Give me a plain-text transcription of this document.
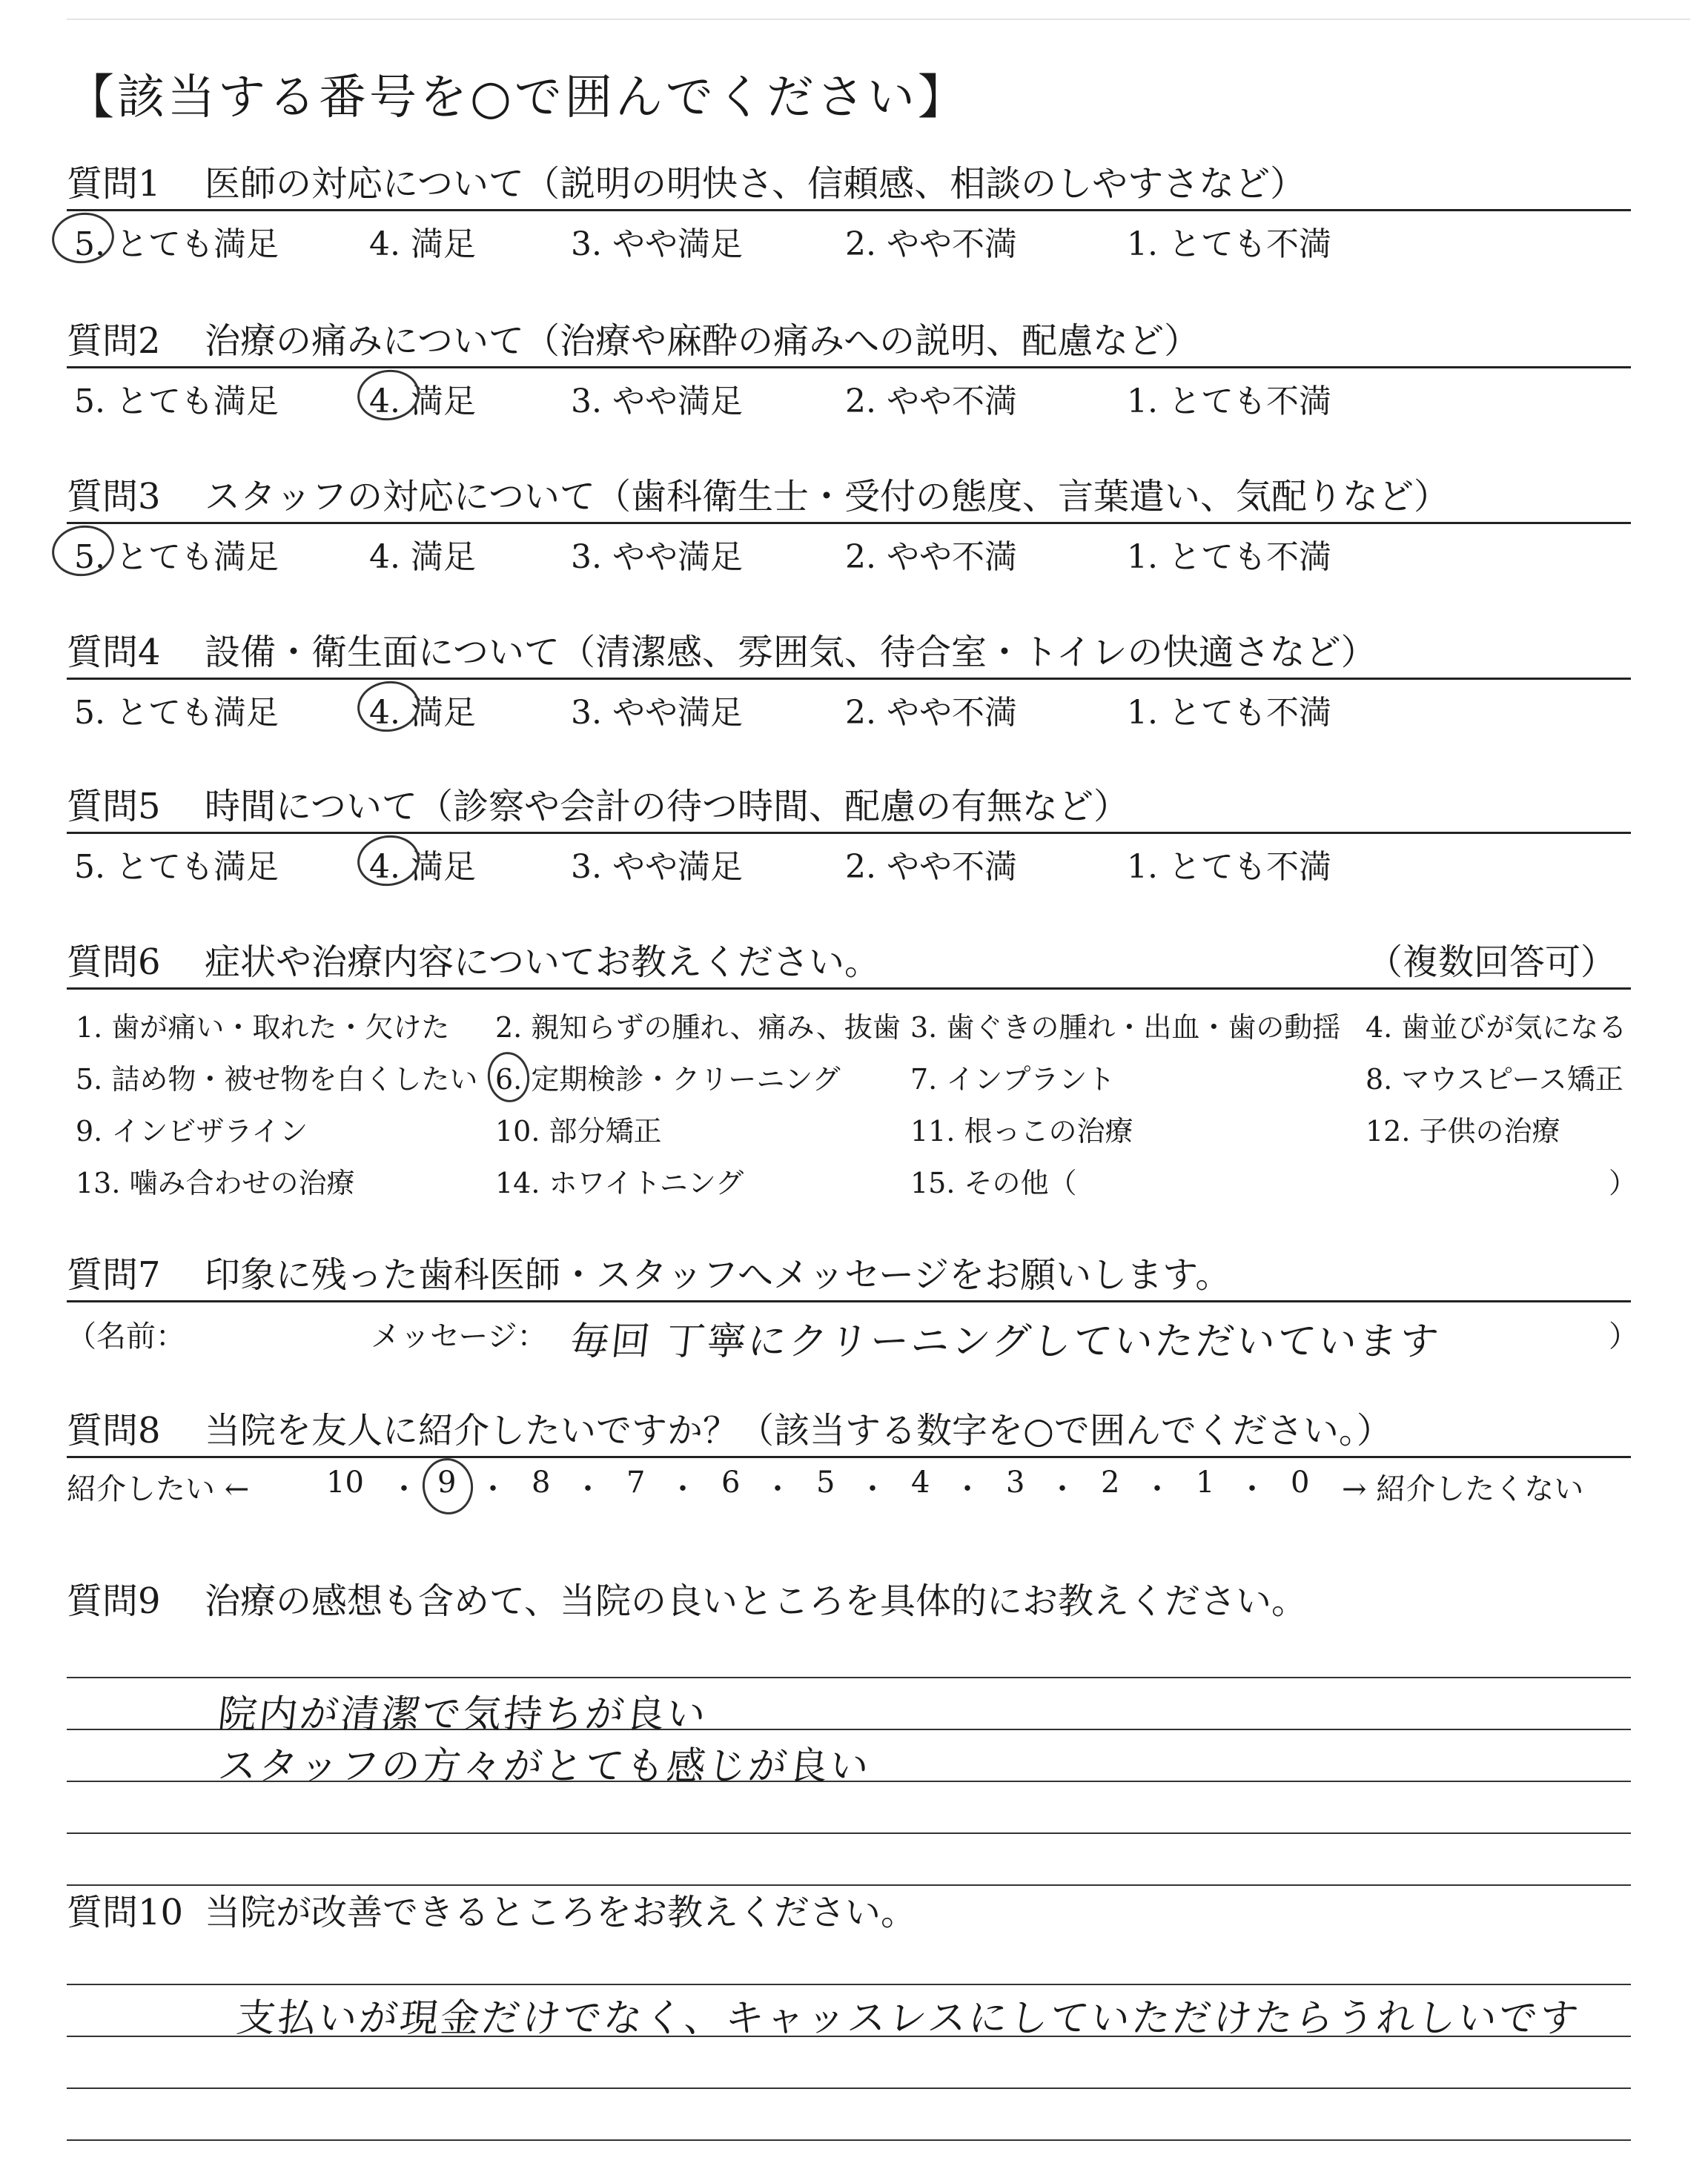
【該当する番号を○で囲んでください】
質問1	医師の対応について（説明の明快さ、信頼感、相談のしやすさなど）
5. とても満足	4. 満足	3. やや満足	2. やや不満	1. とても不満
質問2	治療の痛みについて（治療や麻酔の痛みへの説明、配慮など）
5. とても満足	4. 満足	3. やや満足	2. やや不満	1. とても不満
質問3	スタッフの対応について（歯科衛生士・受付の態度、言葉遣い、気配りなど）
5. とても満足	4. 満足	3. やや満足	2. やや不満	1. とても不満
質問4	設備・衛生面について（清潔感、雰囲気、待合室・トイレの快適さなど）
5. とても満足	4. 満足	3. やや満足	2. やや不満	1. とても不満
質問5	時間について（診察や会計の待つ時間、配慮の有無など）
5. とても満足	4. 満足	3. やや満足	2. やや不満	1. とても不満
質問6	症状や治療内容についてお教えください。	（複数回答可）
1. 歯が痛い・取れた・欠けた 2. 親知らずの腫れ、痛み、抜歯 3. 歯ぐきの腫れ・出血・歯の動揺 4. 歯並びが気になる
5. 詰め物・被せ物を白くしたい 6. 定期検診・クリーニング 7. インプラント	8. マウスピース矯正
9. インビザライン	10. 部分矯正	11. 根っこの治療	12. 子供の治療
13. 噛み合わせの治療	14. ホワイトニング	15. その他（	）
質問7	印象に残った歯科医師・スタッフへメッセージをお願いします。
（名前：	メッセージ： 毎回 丁寧にクリーニングしていただいています	）
質問8	当院を友人に紹介したいですか？（該当する数字を○で囲んでください。）
紹介したい ←	10 ・ 9 ・ 8 ・ 7 ・ 6 ・ 5 ・ 4 ・ 3 ・ 2 ・ 1 ・ 0 → 紹介したくない
質問9	治療の感想も含めて、当院の良いところを具体的にお教えください。
院内が清潔で気持ちが良い
スタッフの方々がとても感じが良い
質問10 当院が改善できるところをお教えください。
支払いが現金だけでなく、キャッスレスにしていただけたらうれしいです
